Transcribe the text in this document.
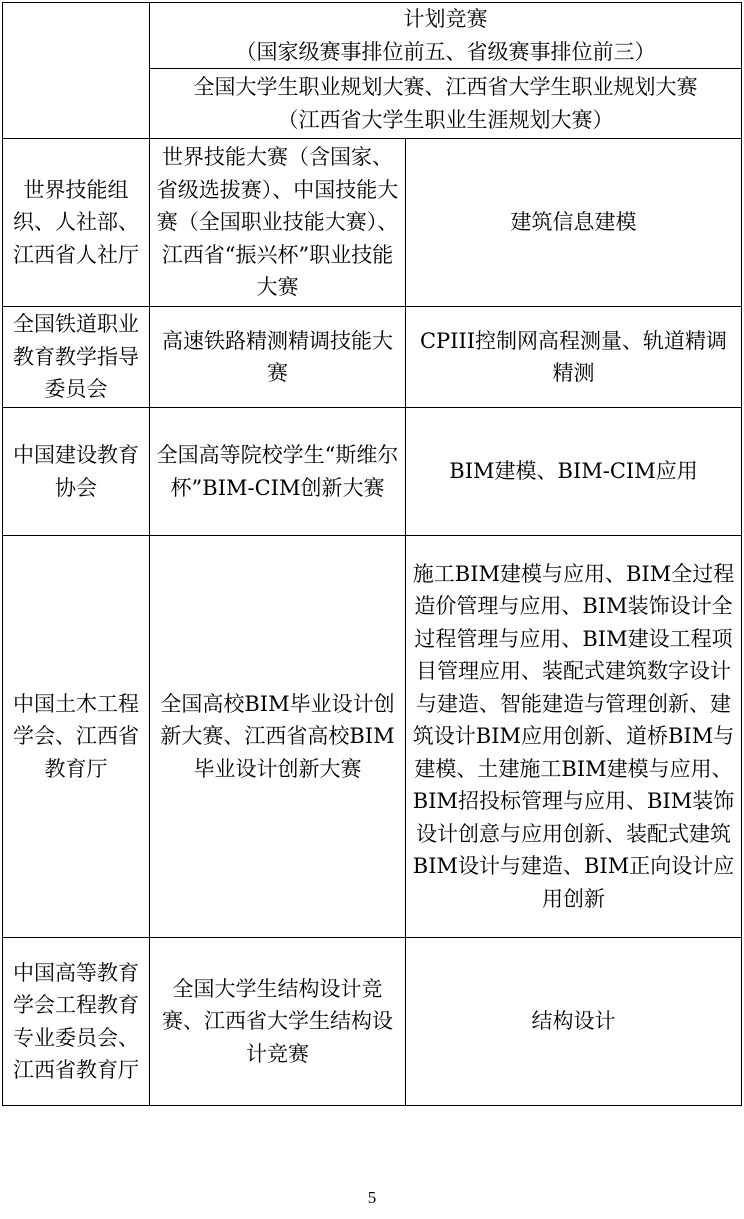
	计划竞赛
（国家级赛事排位前五、省级赛事排位前三）	

	全国大学生职业规划大赛、江西省大学生职业规划大赛
（江西省大学生职业生涯规划大赛）	

世界技能组织、人社部、江西省人社厅	世界技能大赛（含国家、省级选拔赛）、中国技能大赛（全国职业技能大赛）、江西省“振兴杯”职业技能大赛	建筑信息建模
全国铁道职业教育教学指导委员会	高速铁路精测精调技能大赛	CPIII控制网高程测量、轨道精调精测
中国建设教育协会	全国高等院校学生“斯维尔杯”BIM-CIM创新大赛	BIM建模、BIM-CIM应用
中国土木工程学会、江西省教育厅	全国高校BIM毕业设计创新大赛、江西省高校BIM毕业设计创新大赛	施工BIM建模与应用、BIM全过程造价管理与应用、BIM装饰设计全过程管理与应用、BIM建设工程项目管理应用、装配式建筑数字设计与建造、智能建造与管理创新、建筑设计BIM应用创新、道桥BIM与建模、土建施工BIM建模与应用、BIM招投标管理与应用、BIM装饰设计创意与应用创新、装配式建筑BIM设计与建造、BIM正向设计应用创新
中国高等教育学会工程教育专业委员会、江西省教育厅	全国大学生结构设计竞赛、江西省大学生结构设计竞赛	结构设计
5
